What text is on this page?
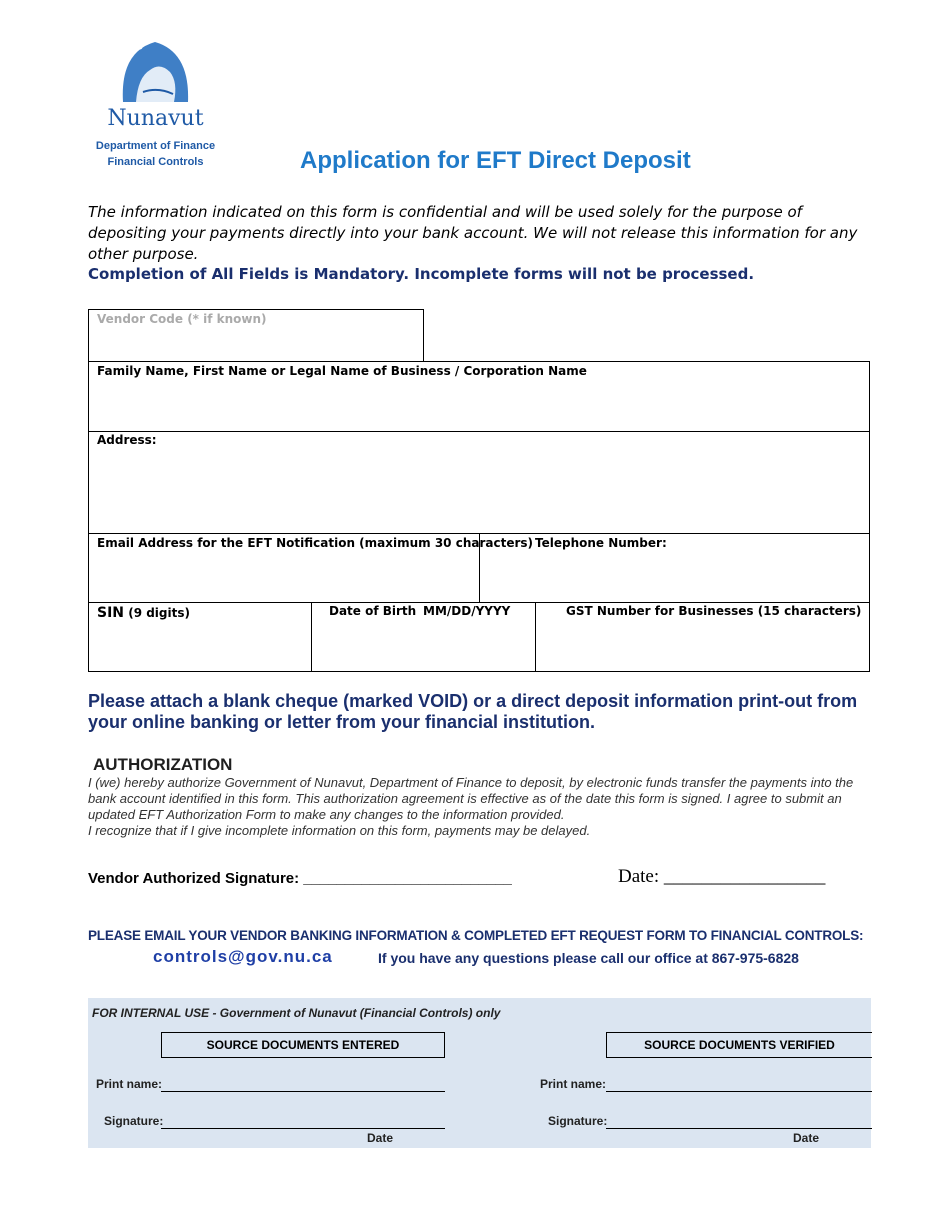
Nunavut
Department of Finance
Financial Controls	Application for EFT Direct Deposit
The information indicated on this form is confidential and will be used solely for the purpose of depositing your payments directly into your bank account. We will not release this information for any other purpose.
Completion of All Fields is Mandatory. Incomplete forms will not be processed.
Vendor Code (* if known)
Family Name, First Name or Legal Name of Business / Corporation Name
Address:
Email Address for the EFT Notification (maximum 30 characters) Telephone Number:
SIN (9 digits)	Date of Birth MM/DD/YYYY	GST Number for Businesses (15 characters)
Please attach a blank cheque (marked VOID) or a direct deposit information print-out from your online banking or letter from your financial institution.
AUTHORIZATION
I (we) hereby authorize Government of Nunavut, Department of Finance to deposit, by electronic funds transfer the payments into the bank account identified in this form. This authorization agreement is effective as of the date this form is signed. I agree to submit an updated EFT Authorization Form to make any changes to the information provided.
I recognize that if I give incomplete information on this form, payments may be delayed.
Vendor Authorized Signature: _________________________	Date: _________________
PLEASE EMAIL YOUR VENDOR BANKING INFORMATION & COMPLETED EFT REQUEST FORM TO FINANCIAL CONTROLS:
controls@gov.nu.ca	If you have any questions please call our office at 867-975-6828
FOR INTERNAL USE - Government of Nunavut (Financial Controls) only
SOURCE DOCUMENTS ENTERED	SOURCE DOCUMENTS VERIFIED
Print name:
Signature:
Date
Print name:
Signature:
Date
